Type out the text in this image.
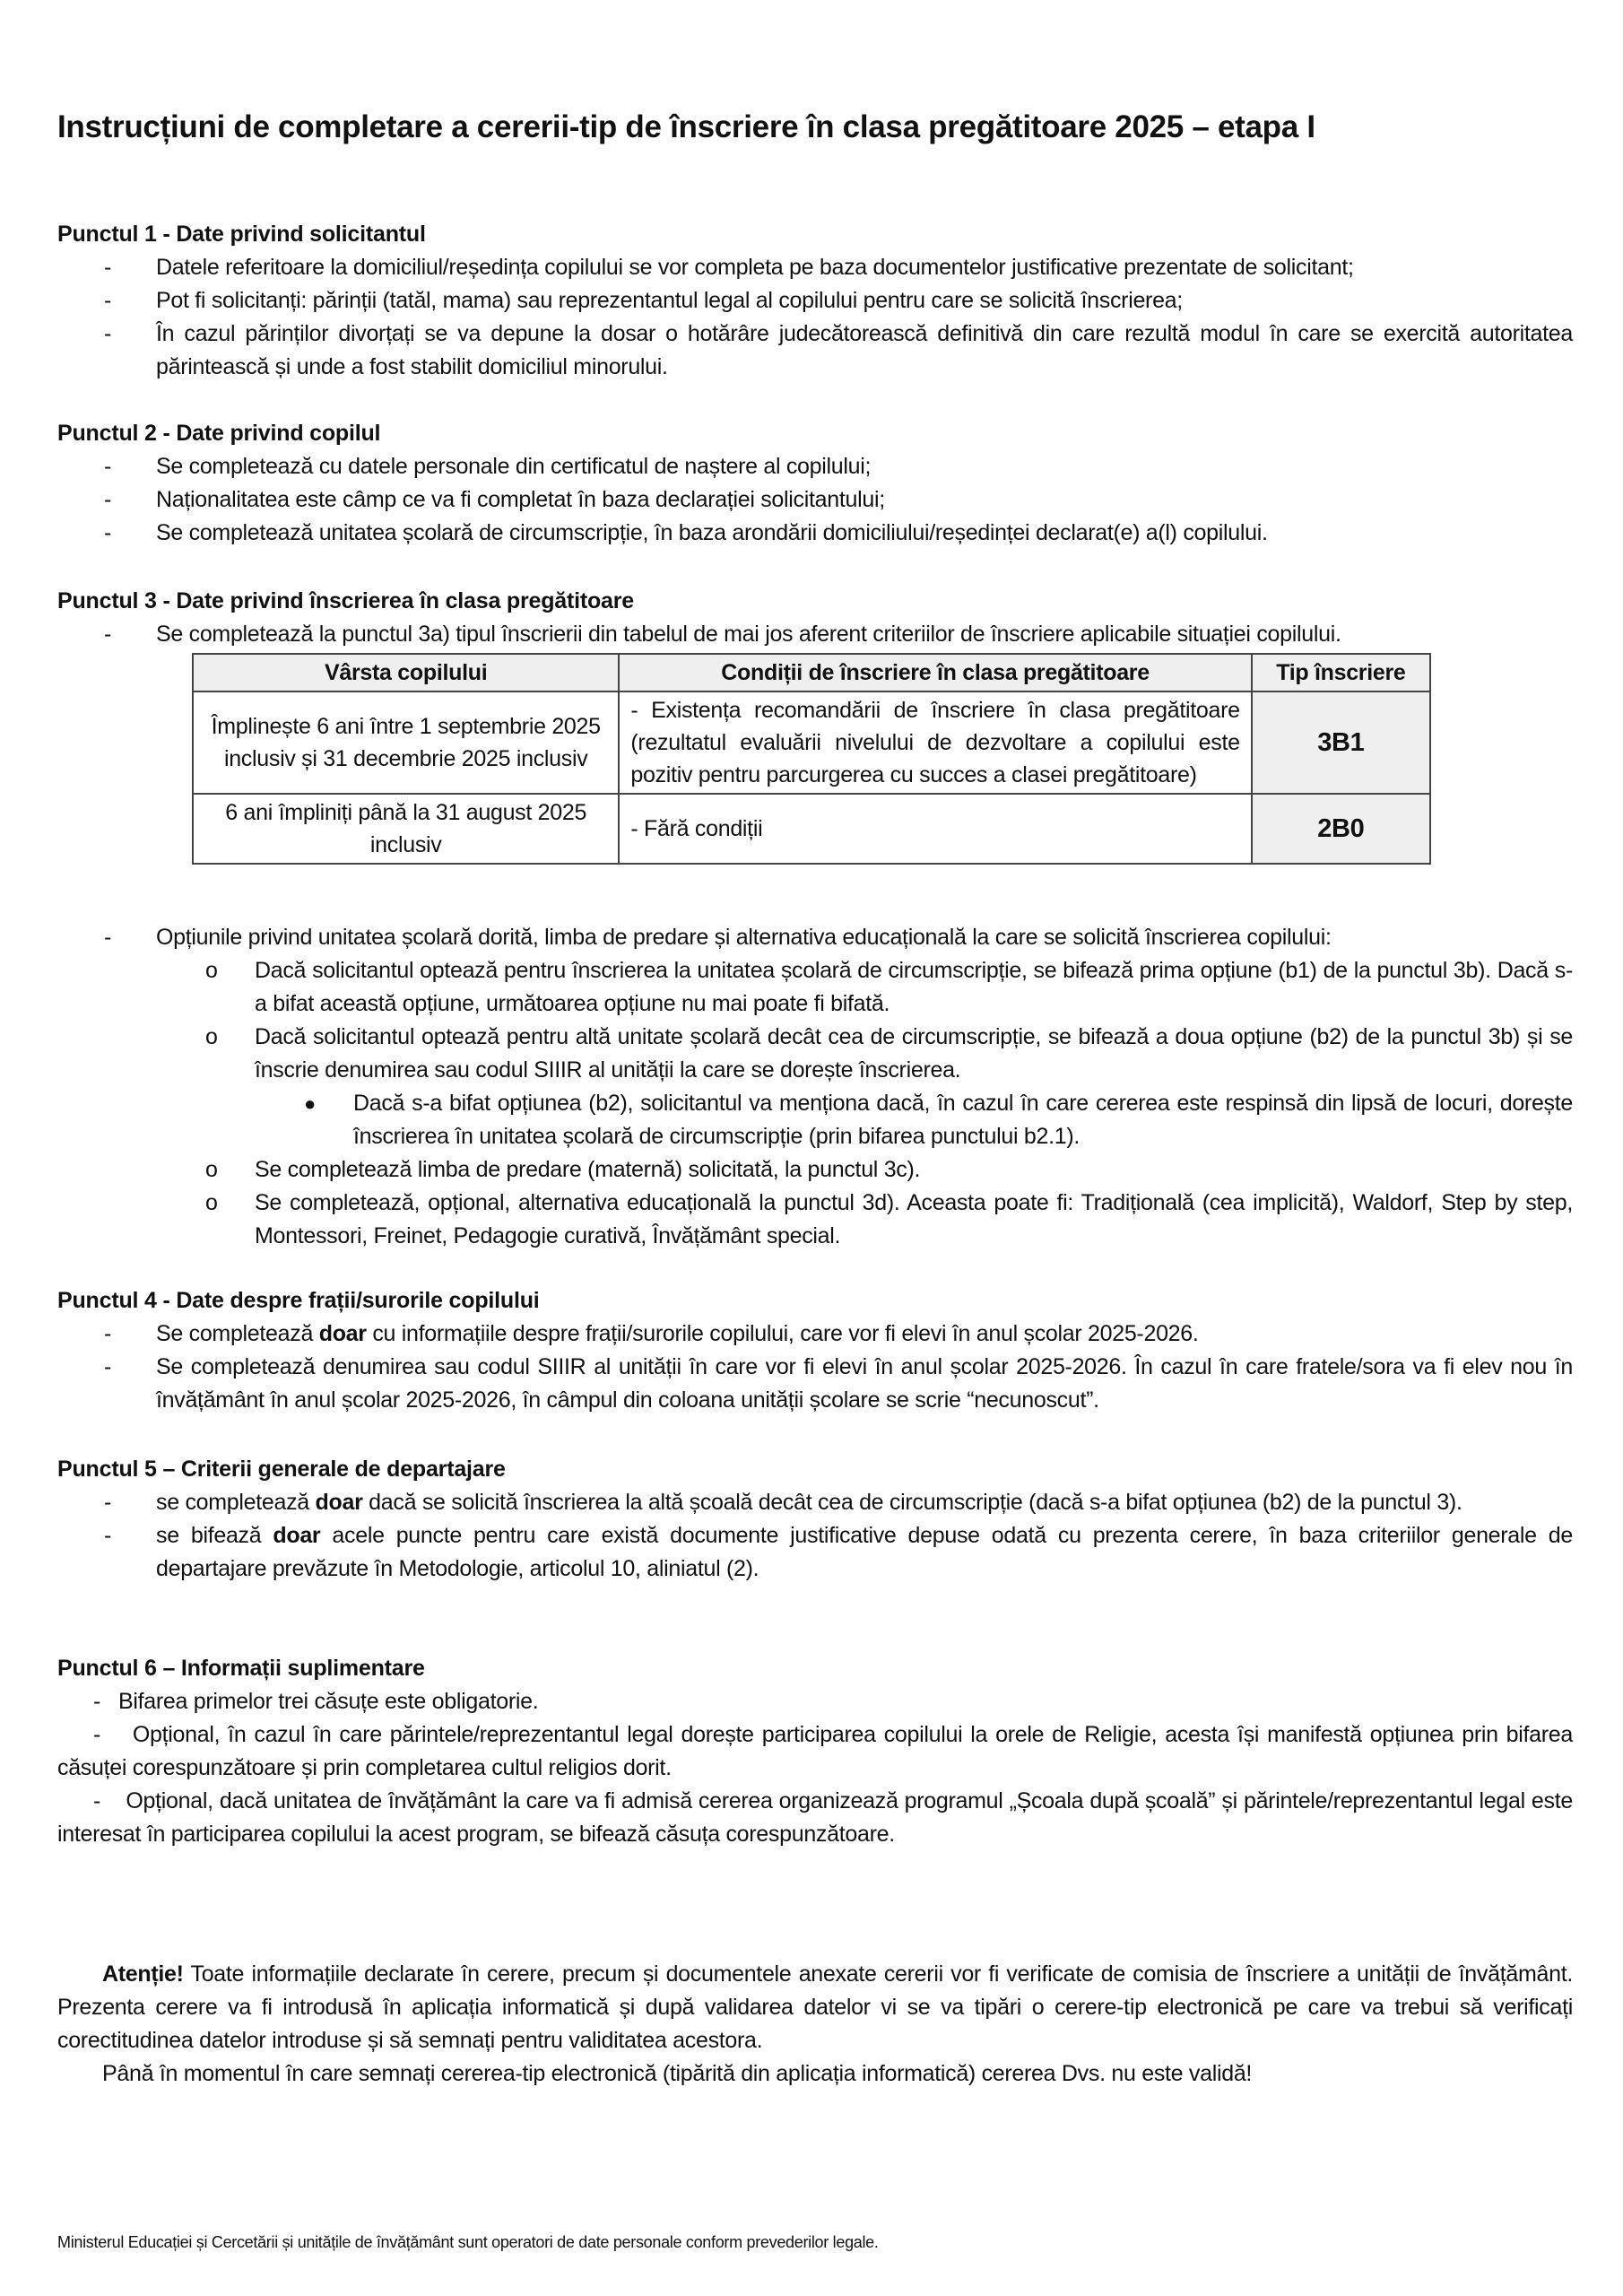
Instrucțiuni de completare a cererii-tip de înscriere în clasa pregătitoare 2025 – etapa I
Punctul 1 - Date privind solicitantul
- Datele referitoare la domiciliul/reședința copilului se vor completa pe baza documentelor justificative prezentate de solicitant;
- Pot fi solicitanți: părinții (tatăl, mama) sau reprezentantul legal al copilului pentru care se solicită înscrierea;
- În cazul părinților divorțați se va depune la dosar o hotărâre judecătorească definitivă din care rezultă modul în care se exercită autoritatea părintească și unde a fost stabilit domiciliul minorului.
Punctul 2 - Date privind copilul
- Se completează cu datele personale din certificatul de naștere al copilului;
- Naționalitatea este câmp ce va fi completat în baza declarației solicitantului;
- Se completează unitatea școlară de circumscripție, în baza arondării domiciliului/reședinței declarat(e) a(l) copilului.
Punctul 3 - Date privind înscrierea în clasa pregătitoare
- Se completează la punctul 3a) tipul înscrierii din tabelul de mai jos aferent criteriilor de înscriere aplicabile situației copilului.
Vârsta copilului	Condiții de înscriere în clasa pregătitoare	Tip înscriere
Împlinește 6 ani între 1 septembrie 2025 inclusiv și 31 decembrie 2025 inclusiv	- Existența recomandării de înscriere în clasa pregătitoare (rezultatul evaluării nivelului de dezvoltare a copilului este pozitiv pentru parcurgerea cu succes a clasei pregătitoare)	3B1
6 ani împliniți până la 31 august 2025 inclusiv	- Fără condiții	2B0
- Opțiunile privind unitatea școlară dorită, limba de predare și alternativa educațională la care se solicită înscrierea copilului:
o Dacă solicitantul optează pentru înscrierea la unitatea școlară de circumscripție, se bifează prima opțiune (b1) de la punctul 3b). Dacă s-a bifat această opțiune, următoarea opțiune nu mai poate fi bifată.
o Dacă solicitantul optează pentru altă unitate școlară decât cea de circumscripție, se bifează a doua opțiune (b2) de la punctul 3b) și se înscrie denumirea sau codul SIIIR al unității la care se dorește înscrierea.
● Dacă s-a bifat opțiunea (b2), solicitantul va menționa dacă, în cazul în care cererea este respinsă din lipsă de locuri, dorește înscrierea în unitatea școlară de circumscripție (prin bifarea punctului b2.1).
o Se completează limba de predare (maternă) solicitată, la punctul 3c).
o Se completează, opțional, alternativa educațională la punctul 3d). Aceasta poate fi: Tradițională (cea implicită), Waldorf, Step by step, Montessori, Freinet, Pedagogie curativă, Învățământ special.
Punctul 4 - Date despre frații/surorile copilului
- Se completează doar cu informațiile despre frații/surorile copilului, care vor fi elevi în anul școlar 2025-2026.
- Se completează denumirea sau codul SIIIR al unității în care vor fi elevi în anul școlar 2025-2026. În cazul în care fratele/sora va fi elev nou în învățământ în anul școlar 2025-2026, în câmpul din coloana unității școlare se scrie “necunoscut”.
Punctul 5 – Criterii generale de departajare
- se completează doar dacă se solicită înscrierea la altă școală decât cea de circumscripție (dacă s-a bifat opțiunea (b2) de la punctul 3).
- se bifează doar acele puncte pentru care există documente justificative depuse odată cu prezenta cerere, în baza criteriilor generale de departajare prevăzute în Metodologie, articolul 10, aliniatul (2).
Punctul 6 – Informații suplimentare
- Bifarea primelor trei căsuțe este obligatorie.
- Opțional, în cazul în care părintele/reprezentantul legal dorește participarea copilului la orele de Religie, acesta își manifestă opțiunea prin bifarea căsuței corespunzătoare și prin completarea cultul religios dorit.
- Opțional, dacă unitatea de învățământ la care va fi admisă cererea organizează programul „Școala după școală” și părintele/reprezentantul legal este interesat în participarea copilului la acest program, se bifează căsuța corespunzătoare.
Atenție! Toate informațiile declarate în cerere, precum și documentele anexate cererii vor fi verificate de comisia de înscriere a unității de învățământ. Prezenta cerere va fi introdusă în aplicația informatică și după validarea datelor vi se va tipări o cerere-tip electronică pe care va trebui să verificați corectitudinea datelor introduse și să semnați pentru validitatea acestora.
Până în momentul în care semnați cererea-tip electronică (tipărită din aplicația informatică) cererea Dvs. nu este validă!
Ministerul Educației și Cercetării și unitățile de învățământ sunt operatori de date personale conform prevederilor legale.
